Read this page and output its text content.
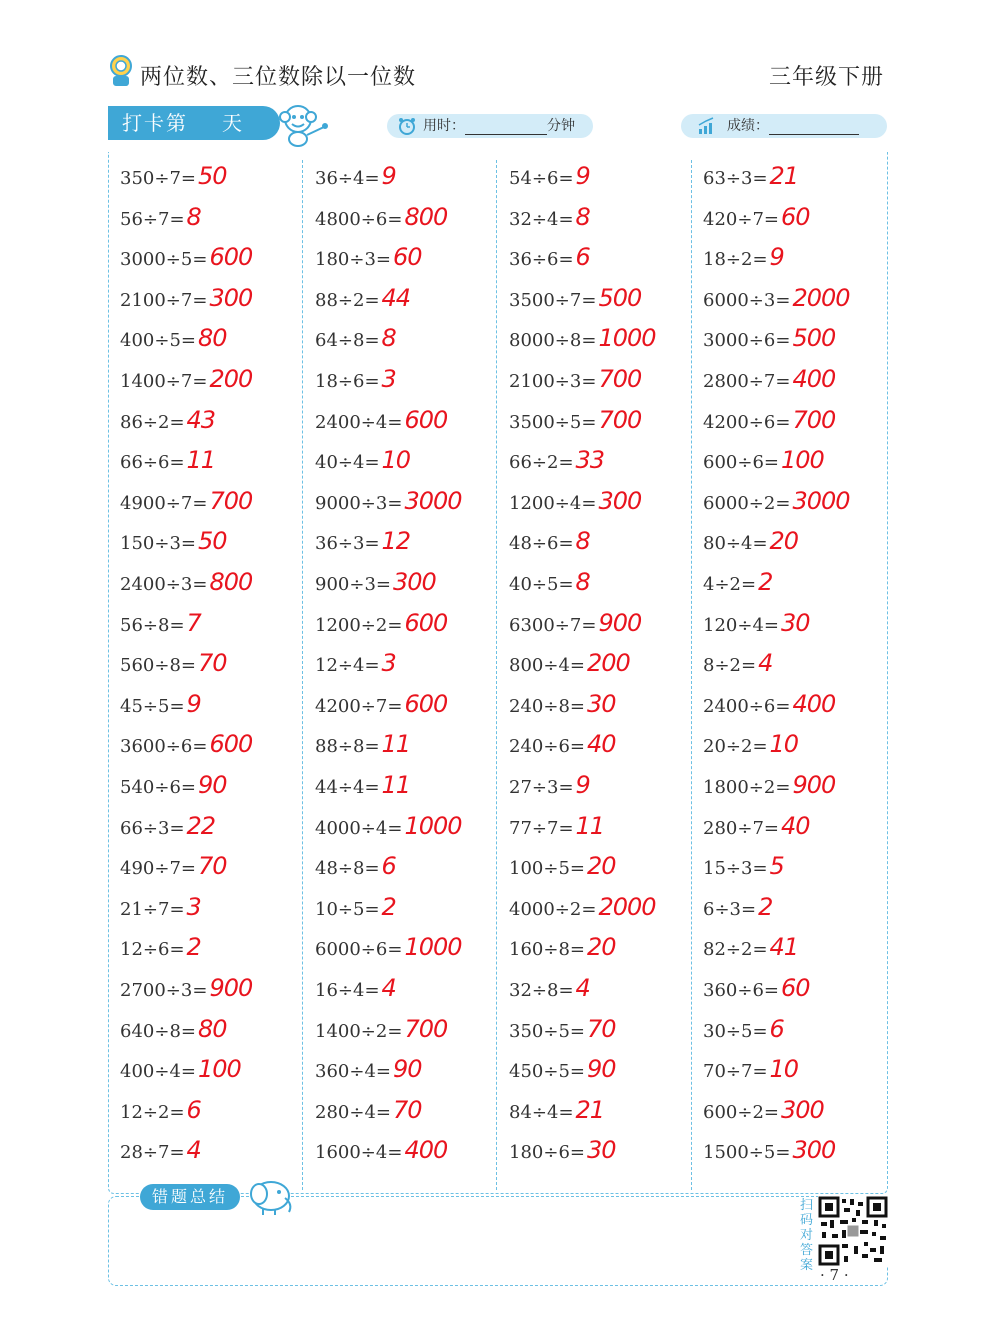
两位数、三位数除以一位数	三年级下册
打卡第 天	用时：	分钟	成绩：
350÷7=50
56÷7=8
3000÷5=600
2100÷7=300
400÷5=80
1400÷7=200
86÷2=43
66÷6=11
4900÷7=700
150÷3=50
2400÷3=800
56÷8=7
560÷8=70
45÷5=9
3600÷6=600
540÷6=90
66÷3=22
490÷7=70
21÷7=3
12÷6=2
2700÷3=900
640÷8=80
400÷4=100
12÷2=6
28÷7=4
36÷4=9
4800÷6=800
180÷3=60
88÷2=44
64÷8=8
18÷6=3
2400÷4=600
40÷4=10
9000÷3=3000
36÷3=12
900÷3=300
1200÷2=600
12÷4=3
4200÷7=600
88÷8=11
44÷4=11
4000÷4=1000
48÷8=6
10÷5=2
6000÷6=1000
16÷4=4
1400÷2=700
360÷4=90
280÷4=70
1600÷4=400
54÷6=9
32÷4=8
36÷6=6
3500÷7=500
8000÷8=1000
2100÷3=700
3500÷5=700
66÷2=33
1200÷4=300
48÷6=8
40÷5=8
6300÷7=900
800÷4=200
240÷8=30
240÷6=40
27÷3=9
77÷7=11
100÷5=20
4000÷2=2000
160÷8=20
32÷8=4
350÷5=70
450÷5=90
84÷4=21
180÷6=30
63÷3=21
420÷7=60
18÷2=9
6000÷3=2000
3000÷6=500
2800÷7=400
4200÷6=700
600÷6=100
6000÷2=3000
80÷4=20
4÷2=2
120÷4=30
8÷2=4
2400÷6=400
20÷2=10
1800÷2=900
280÷7=40
15÷3=5
6÷3=2
82÷2=41
360÷6=60
30÷5=6
70÷7=10
600÷2=300
1500÷5=300
错题总结	扫码对答案
· 7 ·
